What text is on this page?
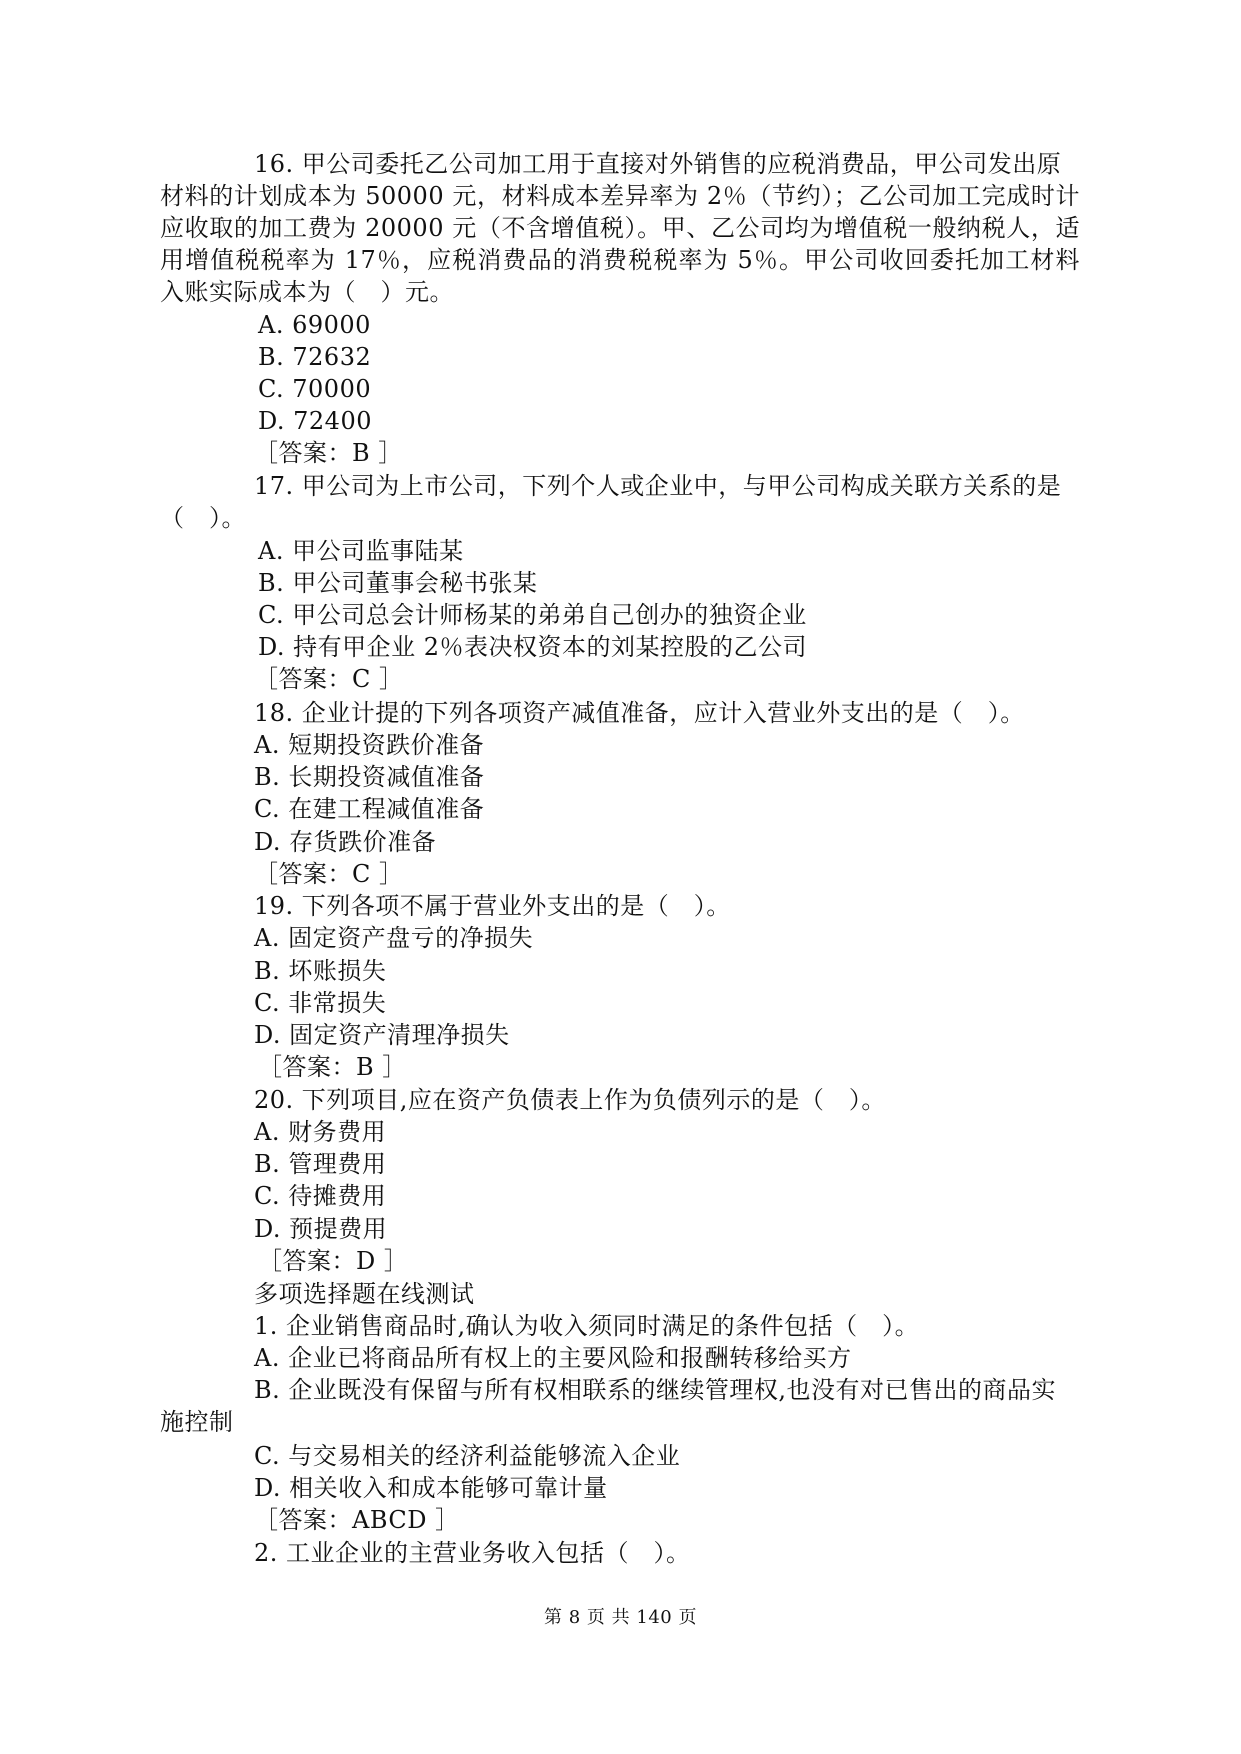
16. 甲公司委托乙公司加工用于直接对外销售的应税消费品，甲公司发出原
材料的计划成本为 50000 元，材料成本差异率为 2％（节约）；乙公司加工完成时计
应收取的加工费为 20000 元（不含增值税）。甲、乙公司均为增值税一般纳税人，适
用增值税税率为 17％，应税消费品的消费税税率为 5％。甲公司收回委托加工材料
入账实际成本为（　）元。
A. 69000
B. 72632
C. 70000
D. 72400
［答案：B ］
17. 甲公司为上市公司，下列个人或企业中，与甲公司构成关联方关系的是
（　）。
A. 甲公司监事陆某
B. 甲公司董事会秘书张某
C. 甲公司总会计师杨某的弟弟自己创办的独资企业
D. 持有甲企业 2％表决权资本的刘某控股的乙公司
［答案：C ］
18. 企业计提的下列各项资产减值准备，应计入营业外支出的是（　）。
A. 短期投资跌价准备
B. 长期投资减值准备
C. 在建工程减值准备
D. 存货跌价准备
［答案：C ］
19. 下列各项不属于营业外支出的是（　）。
A. 固定资产盘亏的净损失
B. 坏账损失
C. 非常损失
D. 固定资产清理净损失
［答案：B ］
20. 下列项目,应在资产负债表上作为负债列示的是（　）。
A. 财务费用
B. 管理费用
C. 待摊费用
D. 预提费用
［答案：D ］
多项选择题在线测试
1. 企业销售商品时,确认为收入须同时满足的条件包括（　）。
A. 企业已将商品所有权上的主要风险和报酬转移给买方
B. 企业既没有保留与所有权相联系的继续管理权,也没有对已售出的商品实
施控制
C. 与交易相关的经济利益能够流入企业
D. 相关收入和成本能够可靠计量
［答案：ABCD ］
2. 工业企业的主营业务收入包括（　）。
第 8 页 共 140 页
